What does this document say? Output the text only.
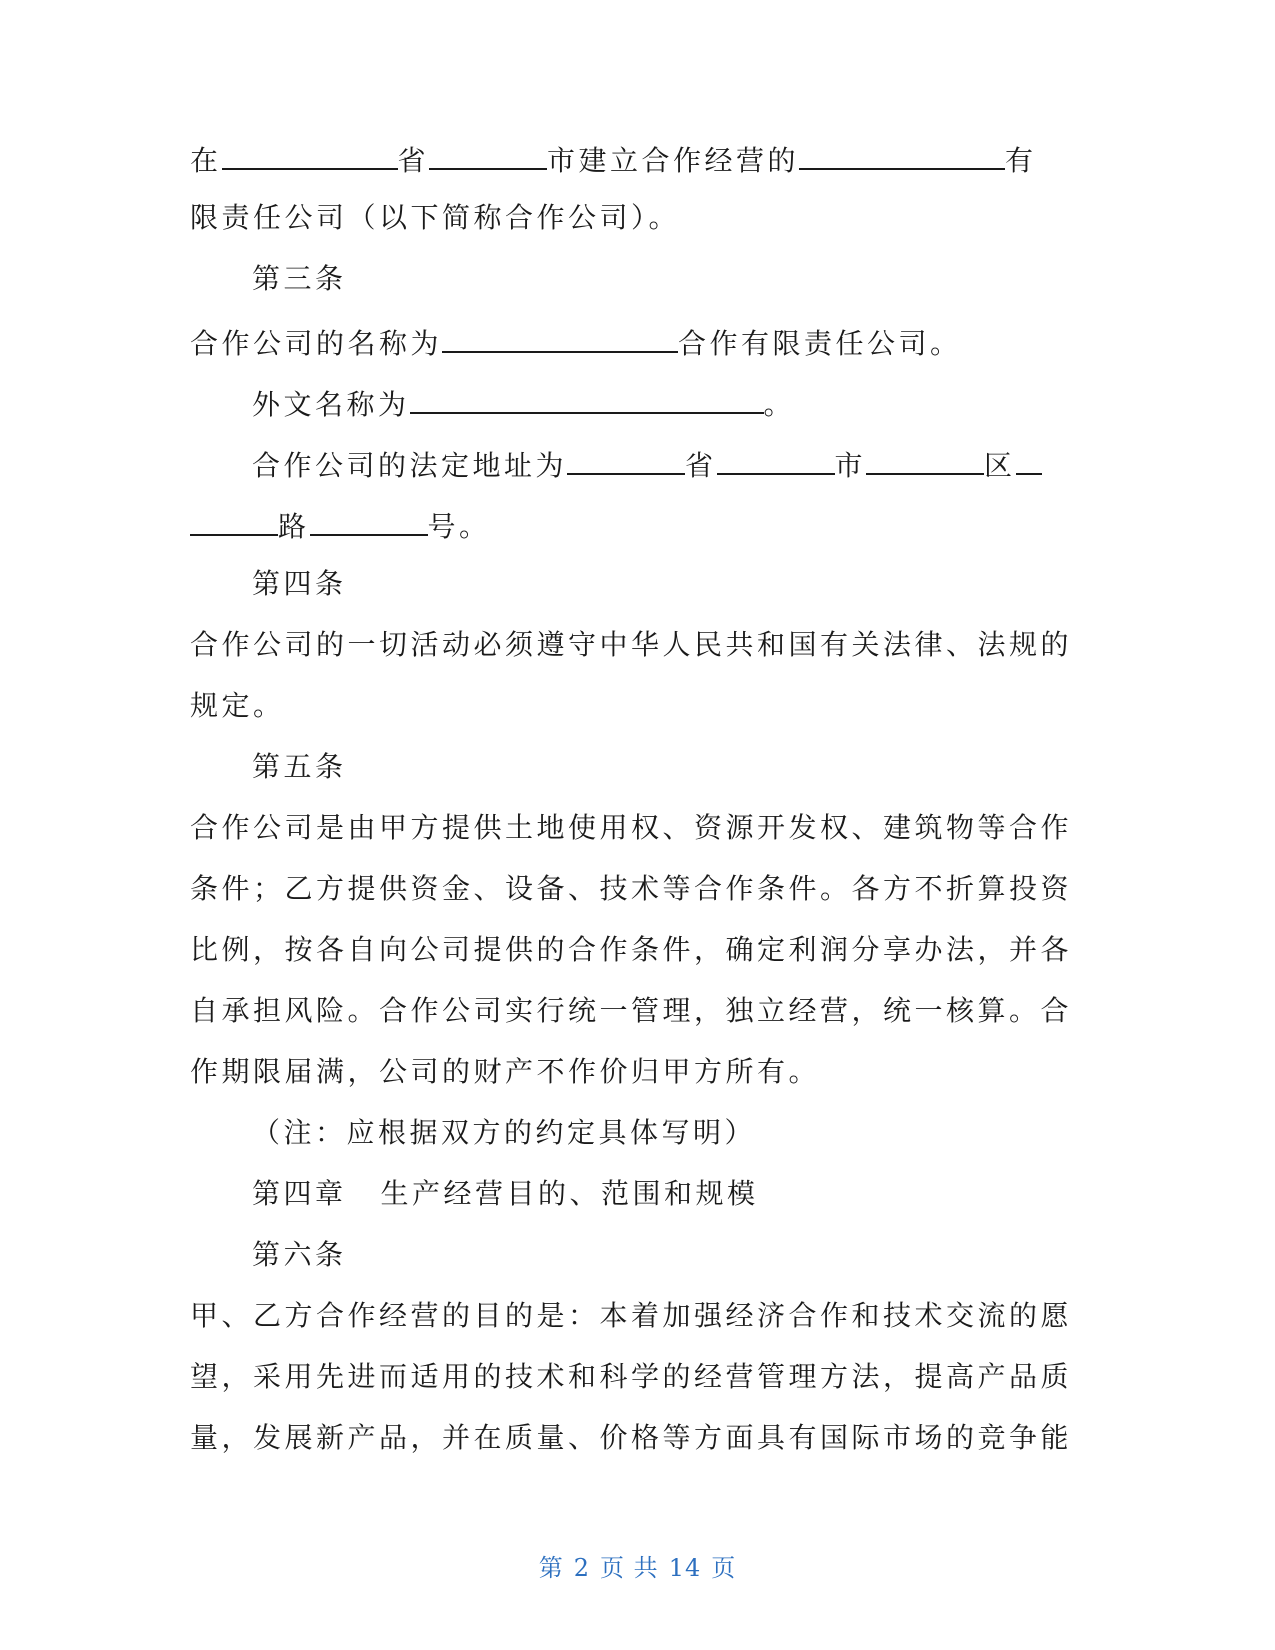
在	省	市建立合作经营的	有

限责任公司（以下简称合作公司）。

第三条

合作公司的名称为	合作有限责任公司。

外文名称为	。

合作公司的法定地址为	省	市	区

路	号。

第四条

合作公司的一切活动必须遵守中华人民共和国有关法律、法规的

规定。

第五条

合作公司是由甲方提供土地使用权、资源开发权、建筑物等合作

条件；乙方提供资金、设备、技术等合作条件。各方不折算投资

比例，按各自向公司提供的合作条件，确定利润分享办法，并各

自承担风险。合作公司实行统一管理，独立经营，统一核算。合

作期限届满，公司的财产不作价归甲方所有。

（注：应根据双方的约定具体写明）

第四章 生产经营目的、范围和规模

第六条

甲、乙方合作经营的目的是：本着加强经济合作和技术交流的愿

望，采用先进而适用的技术和科学的经营管理方法，提高产品质

量，发展新产品，并在质量、价格等方面具有国际市场的竞争能

第 2 页 共 14 页
